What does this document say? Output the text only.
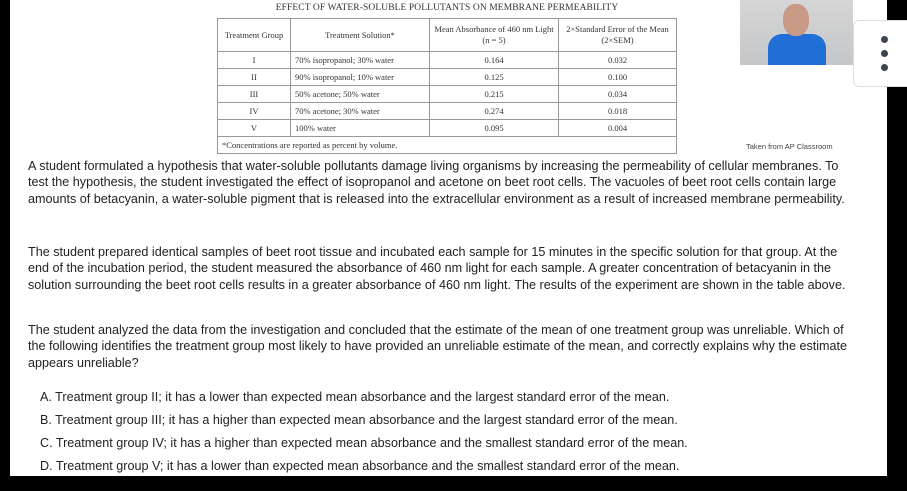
EFFECT OF WATER-SOLUBLE POLLUTANTS ON MEMBRANE PERMEABILITY
Treatment Group	Treatment Solution*	Mean Absorbance of 460 nm Light (n = 5)	2×Standard Error of the Mean (2×SEM)
I	70% isopropanol; 30% water	0.164	0.032
II	90% isopropanol; 10% water	0.125	0.100
III	50% acetone; 50% water	0.215	0.034
IV	70% acetone; 30% water	0.274	0.018
V	100% water	0.095	0.004
*Concentrations are reported as percent by volume.				Taken from AP Classroom
A student formulated a hypothesis that water-soluble pollutants damage living organisms by increasing the permeability of cellular membranes. To test the hypothesis, the student investigated the effect of isopropanol and acetone on beet root cells. The vacuoles of beet root cells contain large amounts of betacyanin, a water-soluble pigment that is released into the extracellular environment as a result of increased membrane permeability.
The student prepared identical samples of beet root tissue and incubated each sample for 15 minutes in the specific solution for that group. At the end of the incubation period, the student measured the absorbance of 460 nm light for each sample. A greater concentration of betacyanin in the solution surrounding the beet root cells results in a greater absorbance of 460 nm light. The results of the experiment are shown in the table above.
The student analyzed the data from the investigation and concluded that the estimate of the mean of one treatment group was unreliable. Which of the following identifies the treatment group most likely to have provided an unreliable estimate of the mean, and correctly explains why the estimate appears unreliable?
A. Treatment group II; it has a lower than expected mean absorbance and the largest standard error of the mean.
B. Treatment group III; it has a higher than expected mean absorbance and the largest standard error of the mean.
C. Treatment group IV; it has a higher than expected mean absorbance and the smallest standard error of the mean.
D. Treatment group V; it has a lower than expected mean absorbance and the smallest standard error of the mean.
